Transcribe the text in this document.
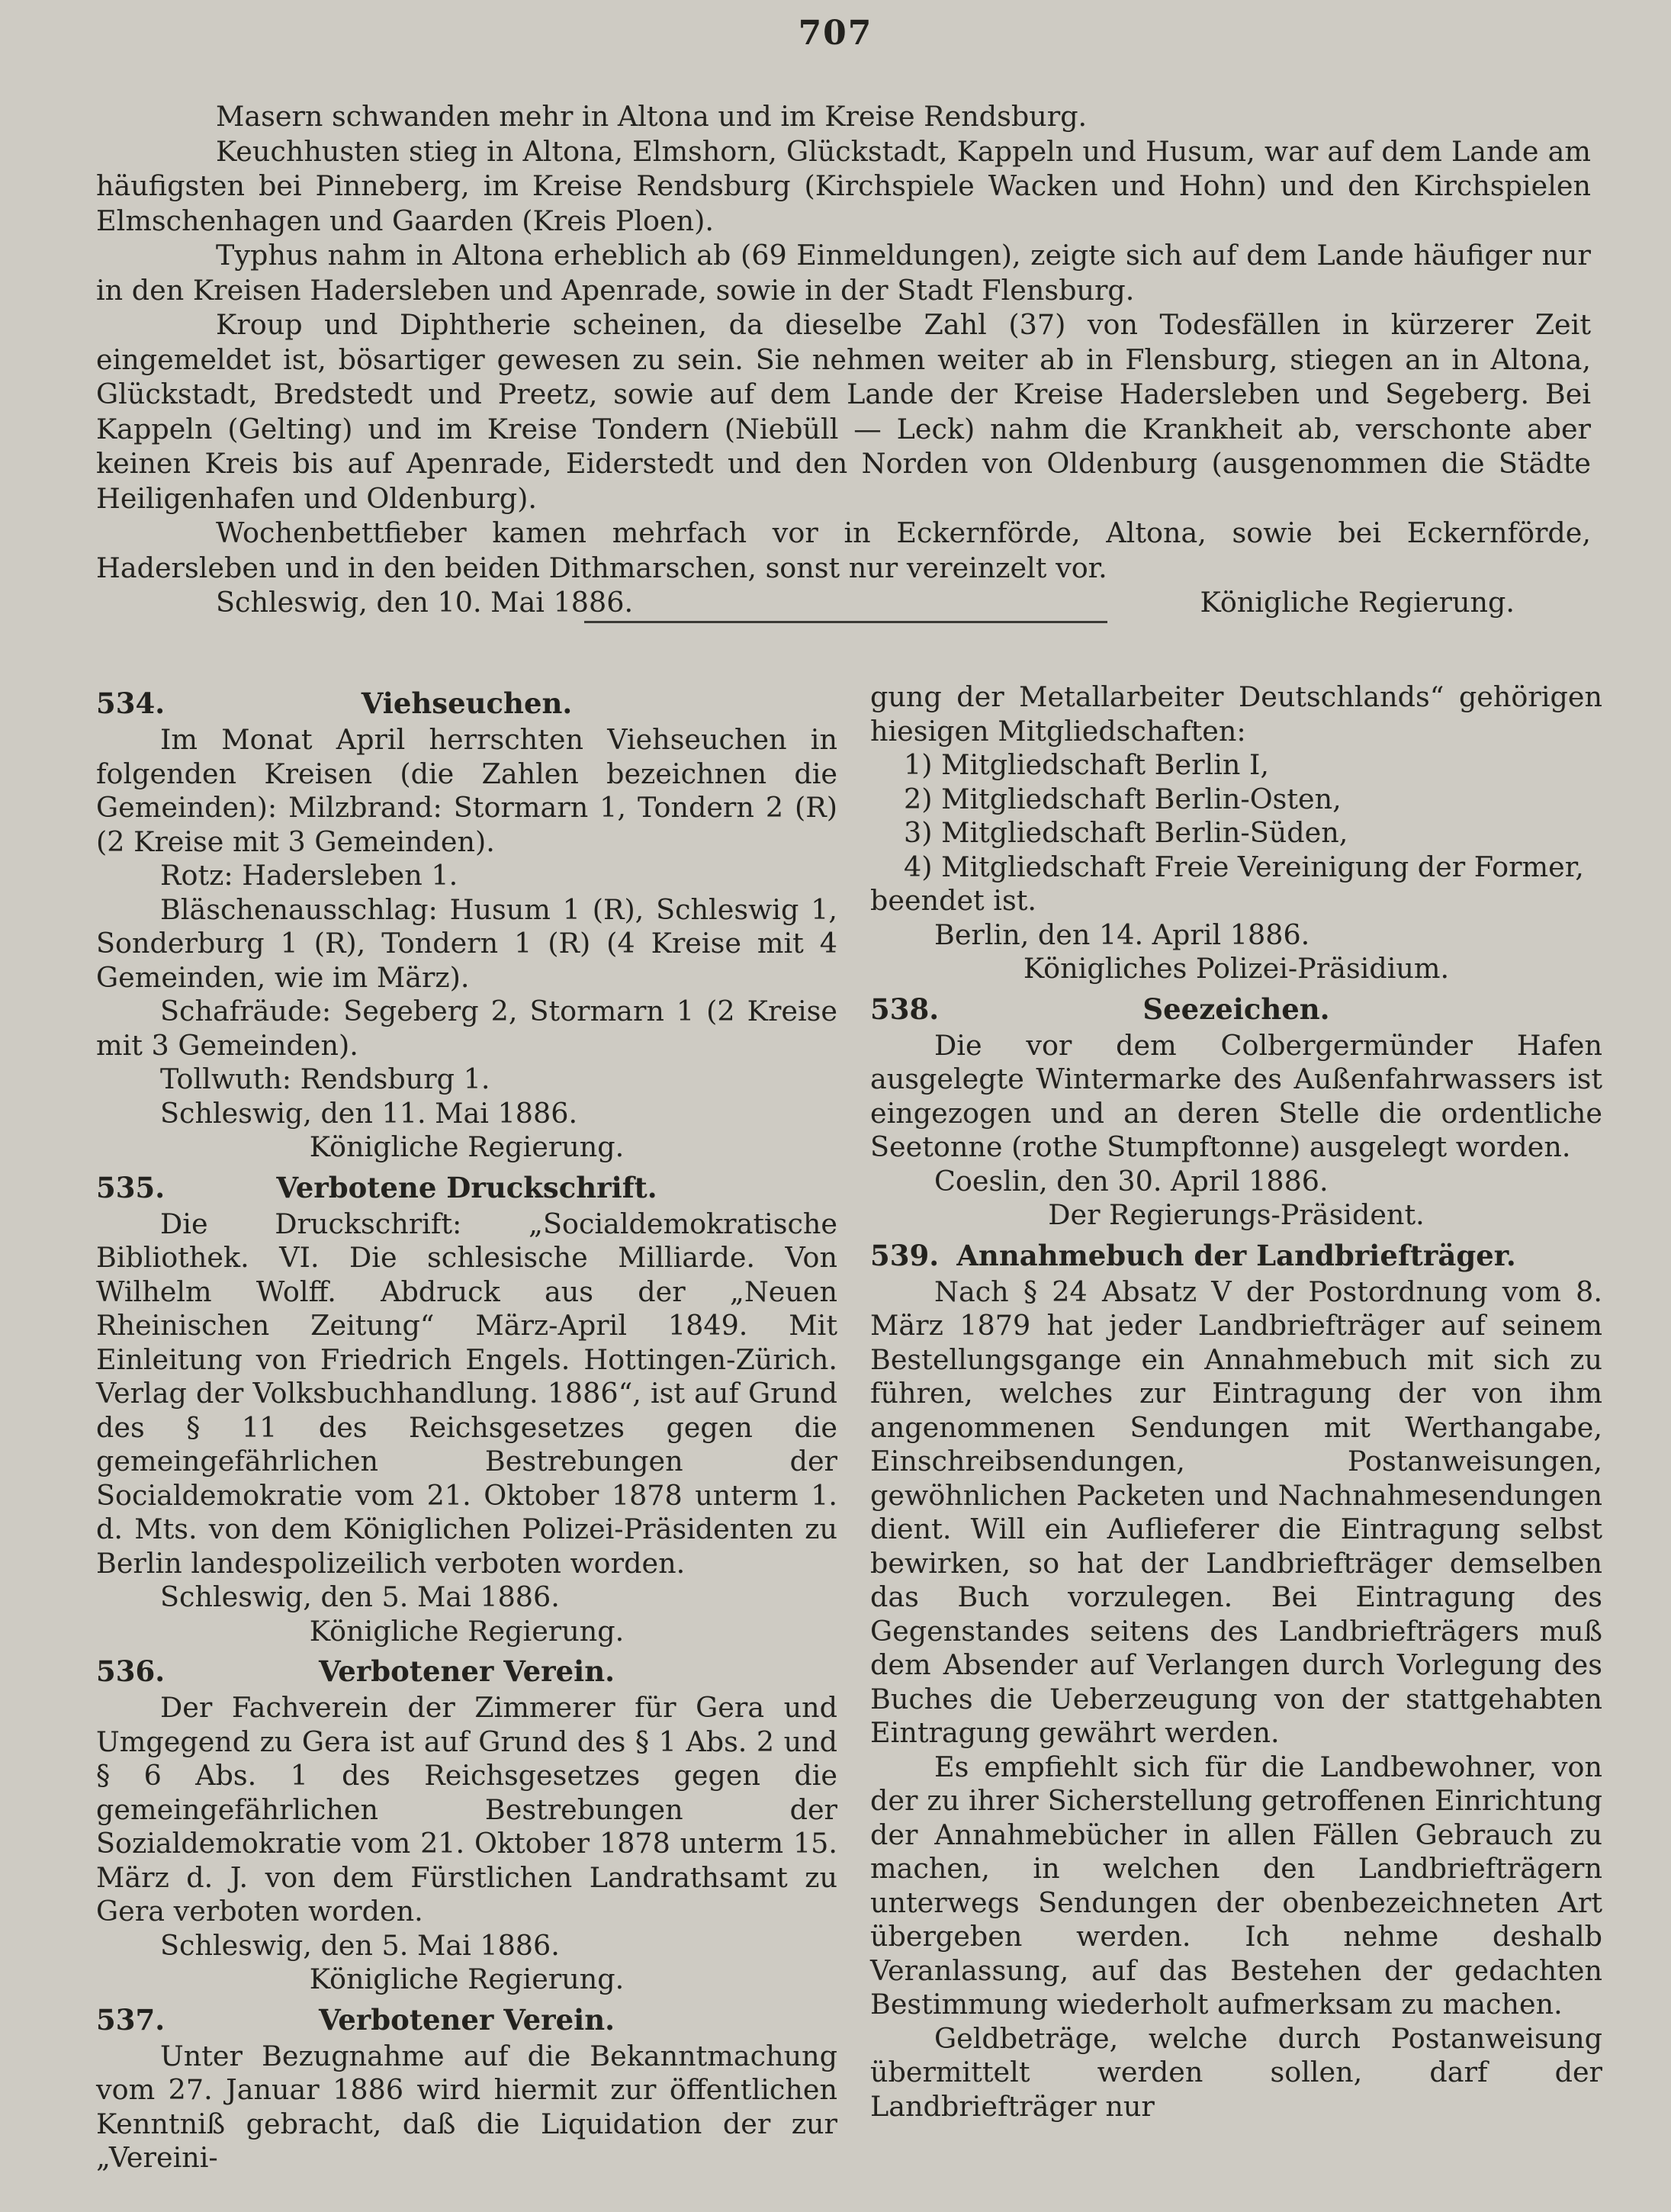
707

Masern schwanden mehr in Altona und im Kreise Rendsburg.

Keuchhusten stieg in Altona, Elmshorn, Glückstadt, Kappeln und Husum, war auf dem Lande am häufigsten bei Pinneberg, im Kreise Rendsburg (Kirchspiele Wacken und Hohn) und den Kirchspielen Elmschenhagen und Gaarden (Kreis Ploen).

Typhus nahm in Altona erheblich ab (69 Einmeldungen), zeigte sich auf dem Lande häufiger nur in den Kreisen Hadersleben und Apenrade, sowie in der Stadt Flensburg.

Kroup und Diphtherie scheinen, da dieselbe Zahl (37) von Todesfällen in kürzerer Zeit eingemeldet ist, bösartiger gewesen zu sein. Sie nehmen weiter ab in Flensburg, stiegen an in Altona, Glückstadt, Bredstedt und Preetz, sowie auf dem Lande der Kreise Hadersleben und Segeberg. Bei Kappeln (Gelting) und im Kreise Tondern (Niebüll — Leck) nahm die Krankheit ab, verschonte aber keinen Kreis bis auf Apenrade, Eiderstedt und den Norden von Oldenburg (ausgenommen die Städte Heiligenhafen und Oldenburg).

Wochenbettfieber kamen mehrfach vor in Eckernförde, Altona, sowie bei Eckernförde, Hadersleben und in den beiden Dithmarschen, sonst nur vereinzelt vor.

Schleswig, den 10. Mai 1886.	Königliche Regierung.
534.	Viehseuchen.

Im Monat April herrschten Viehseuchen in folgenden Kreisen (die Zahlen bezeichnen die Gemeinden): Milzbrand: Stormarn 1, Tondern 2 (R) (2 Kreise mit 3 Gemeinden).

Rotz: Hadersleben 1.

Bläschenausschlag: Husum 1 (R), Schleswig 1, Sonderburg 1 (R), Tondern 1 (R) (4 Kreise mit 4 Gemeinden, wie im März).

Schafräude: Segeberg 2, Stormarn 1 (2 Kreise mit 3 Gemeinden).

Tollwuth: Rendsburg 1.

Schleswig, den 11. Mai 1886.

Königliche Regierung.

535.	Verbotene Druckschrift.

Die Druckschrift: „Socialdemokratische Bibliothek. VI. Die schlesische Milliarde. Von Wilhelm Wolff. Abdruck aus der „Neuen Rheinischen Zeitung“ März-April 1849. Mit Einleitung von Friedrich Engels. Hottingen-Zürich. Verlag der Volksbuchhandlung. 1886“, ist auf Grund des § 11 des Reichsgesetzes gegen die gemeingefährlichen Bestrebungen der Socialdemokratie vom 21. Oktober 1878 unterm 1. d. Mts. von dem Königlichen Polizei-Präsidenten zu Berlin landespolizeilich verboten worden.

Schleswig, den 5. Mai 1886.

Königliche Regierung.

536.	Verbotener Verein.

Der Fachverein der Zimmerer für Gera und Umgegend zu Gera ist auf Grund des § 1 Abs. 2 und § 6 Abs. 1 des Reichsgesetzes gegen die gemeingefährlichen Bestrebungen der Sozialdemokratie vom 21. Oktober 1878 unterm 15. März d. J. von dem Fürstlichen Landrathsamt zu Gera verboten worden.

Schleswig, den 5. Mai 1886.

Königliche Regierung.

537.	Verbotener Verein.

Unter Bezugnahme auf die Bekanntmachung vom 27. Januar 1886 wird hiermit zur öffentlichen Kenntniß gebracht, daß die Liquidation der zur „Vereini-

gung der Metallarbeiter Deutschlands“ gehörigen hiesigen Mitgliedschaften:

1) Mitgliedschaft Berlin I,

2) Mitgliedschaft Berlin-Osten,

3) Mitgliedschaft Berlin-Süden,

4) Mitgliedschaft Freie Vereinigung der Former,

beendet ist.

Berlin, den 14. April 1886.

Königliches Polizei-Präsidium.

538.	Seezeichen.

Die vor dem Colbergermünder Hafen ausgelegte Wintermarke des Außenfahrwassers ist eingezogen und an deren Stelle die ordentliche Seetonne (rothe Stumpftonne) ausgelegt worden.

Coeslin, den 30. April 1886.

Der Regierungs-Präsident.

539. Annahmebuch der Landbriefträger.

Nach § 24 Absatz V der Postordnung vom 8. März 1879 hat jeder Landbriefträger auf seinem Bestellungsgange ein Annahmebuch mit sich zu führen, welches zur Eintragung der von ihm angenommenen Sendungen mit Werthangabe, Einschreibsendungen, Postanweisungen, gewöhnlichen Packeten und Nachnahmesendungen dient. Will ein Auflieferer die Eintragung selbst bewirken, so hat der Landbriefträger demselben das Buch vorzulegen. Bei Eintragung des Gegenstandes seitens des Landbriefträgers muß dem Absender auf Verlangen durch Vorlegung des Buches die Ueberzeugung von der stattgehabten Eintragung gewährt werden.

Es empfiehlt sich für die Landbewohner, von der zu ihrer Sicherstellung getroffenen Einrichtung der Annahmebücher in allen Fällen Gebrauch zu machen, in welchen den Landbriefträgern unterwegs Sendungen der obenbezeichneten Art übergeben werden. Ich nehme deshalb Veranlassung, auf das Bestehen der gedachten Bestimmung wiederholt aufmerksam zu machen.

Geldbeträge, welche durch Postanweisung übermittelt werden sollen, darf der Landbriefträger nur
